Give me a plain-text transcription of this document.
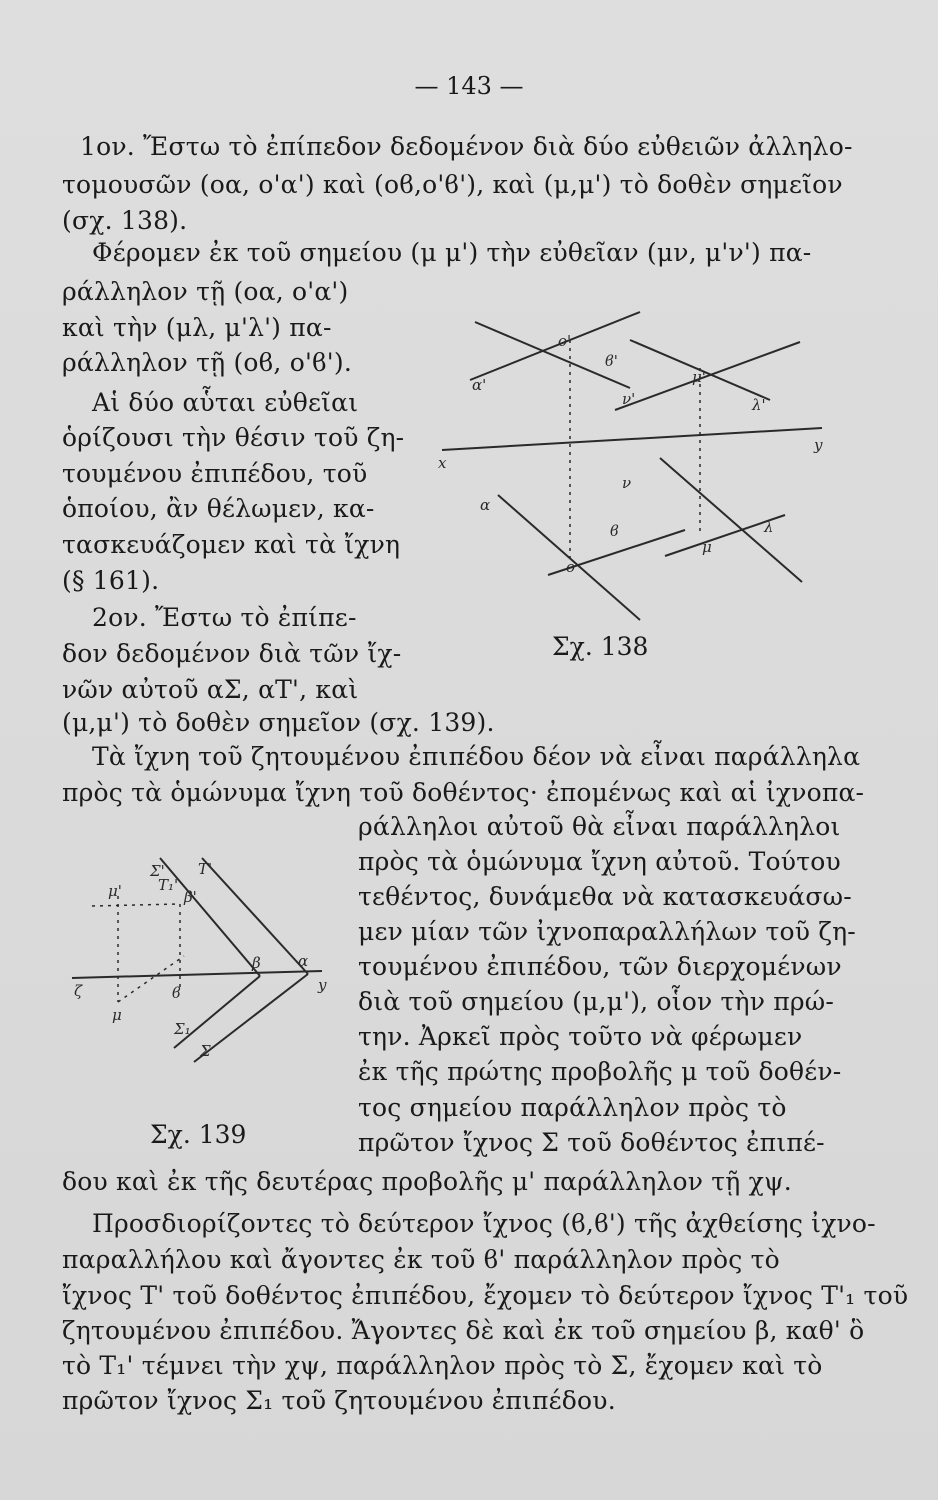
— 143 —
1ον. Ἔστω τὸ ἐπίπεδον δεδομένον διὰ δύο εὐθειῶν ἀλληλο-
τομουσῶν (οα, ο'α') καὶ (οϐ,ο'ϐ'), καὶ (μ,μ') τὸ δοθὲν σημεῖον
(σχ. 138).
Φέρομεν ἐκ τοῦ σημείου (μ μ') τὴν εὐθεῖαν (μν, μ'ν') πα-
ράλληλον τῇ (οα, ο'α')
καὶ τὴν (μλ, μ'λ') πα-
ράλληλον τῇ (οϐ, ο'ϐ').
Αἱ δύο αὗται εὐθεῖαι
ὁρίζουσι τὴν θέσιν τοῦ ζη-
τουμένου ἐπιπέδου, τοῦ
ὁποίου, ἂν θέλωμεν, κα-
τασκευάζομεν καὶ τὰ ἴχνη
(§ 161).
2ον. Ἔστω τὸ ἐπίπε-
δον δεδομένον διὰ τῶν ἴχ-
νῶν αὐτοῦ αΣ, αΤ', καὶ
(μ,μ') τὸ δοθὲν σημεῖον (σχ. 139).
Τὰ ἴχνη τοῦ ζητουμένου ἐπιπέδου δέον νὰ εἶναι παράλληλα
πρὸς τὰ ὁμώνυμα ἴχνη τοῦ δοθέντος· ἐπομένως καὶ αἱ ἰχνοπα-
ράλληλοι αὐτοῦ θὰ εἶναι παράλληλοι
πρὸς τὰ ὁμώνυμα ἴχνη αὐτοῦ. Τούτου
τεθέντος, δυνάμεθα νὰ κατασκευάσω-
μεν μίαν τῶν ἰχνοπαραλλήλων τοῦ ζη-
τουμένου ἐπιπέδου, τῶν διερχομένων
διὰ τοῦ σημείου (μ,μ'), οἷον τὴν πρώ-
την. Ἀρκεῖ πρὸς τοῦτο νὰ φέρωμεν
ἐκ τῆς πρώτης προβολῆς μ τοῦ δοθέν-
τος σημείου παράλληλον πρὸς τὸ
πρῶτον ἴχνος Σ τοῦ δοθέντος ἐπιπέ-
δου καὶ ἐκ τῆς δευτέρας προβολῆς μ' παράλληλον τῇ χψ.
Προσδιορίζοντες τὸ δεύτερον ἴχνος (ϐ,ϐ') τῆς ἀχθείσης ἰχνο-
παραλλήλου καὶ ἄγοντες ἐκ τοῦ ϐ' παράλληλον πρὸς τὸ
ἴχνος Τ' τοῦ δοθέντος ἐπιπέδου, ἔχομεν τὸ δεύτερον ἴχνος Τ'₁ τοῦ
ζητουμένου ἐπιπέδου. Ἄγοντες δὲ καὶ ἐκ τοῦ σημείου β, καθ' ὃ
τὸ Τ₁' τέμνει τὴν χψ, παράλληλον πρὸς τὸ Σ, ἔχομεν καὶ τὸ
πρῶτον ἴχνος Σ₁ τοῦ ζητουμένου ἐπιπέδου.
o'
α'
ϐ'
μ'
ν'	λ'
x
y
α
ν
ϐ	λ
o
μ
Σχ. 138
Σ' T'
T₁'
μ'	β'
β α
ζ	y
μ
ϐ
Σ₁
Σ
Σχ. 139
